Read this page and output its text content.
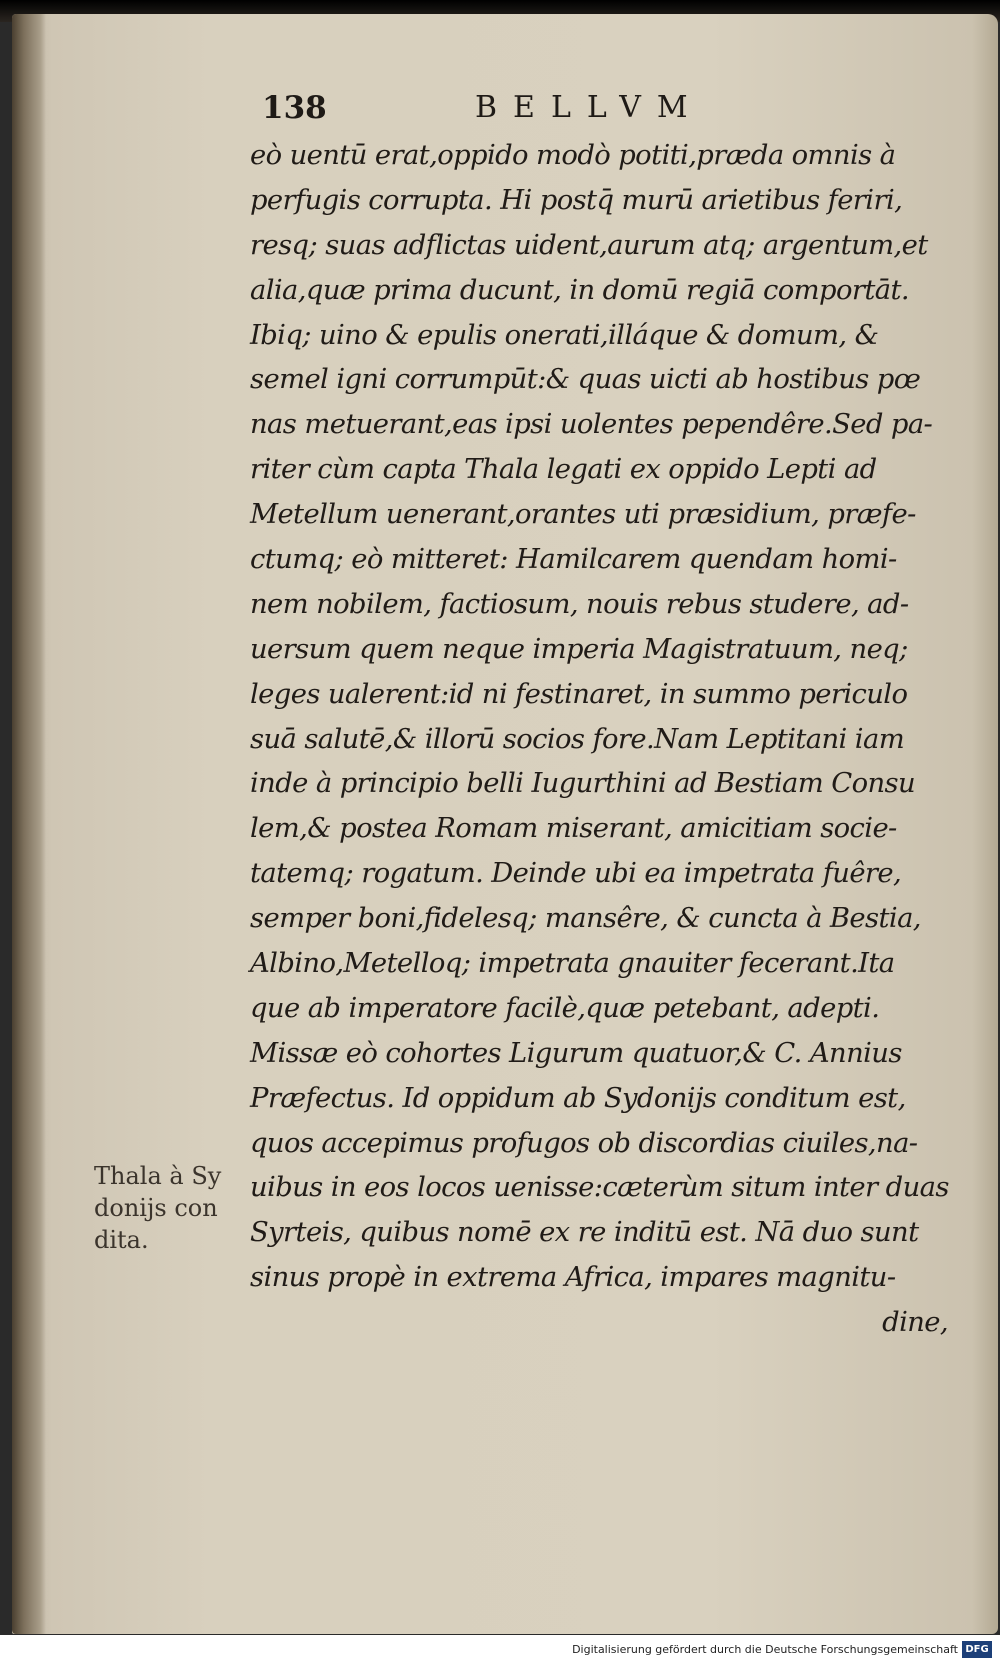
138	BELLVM
eò uentū erat,oppido modò potiti,præda omnis à
perfugis corrupta. Hi postq̄ murū arietibus feriri,
resq; suas adflictas uident,aurum atq; argentum,et
alia,quæ prima ducunt, in domū regiā comportāt.
Ibiq; uino & epulis onerati,illáque & domum, &
semel igni corrumpūt:& quas uicti ab hostibus pœ
nas metuerant,eas ipsi uolentes pependêre.Sed pa-
riter cùm capta Thala legati ex oppido Lepti ad
Metellum uenerant,orantes uti præsidium, præfe-
ctumq; eò mitteret: Hamilcarem quendam homi-
nem nobilem, factiosum, nouis rebus studere, ad-
uersum quem neque imperia Magistratuum, neq;
leges ualerent:id ni festinaret, in summo periculo
suā salutē,& illorū socios fore.Nam Leptitani iam
inde à principio belli Iugurthini ad Bestiam Consu
lem,& postea Romam miserant, amicitiam socie-
tatemq; rogatum. Deinde ubi ea impetrata fuêre,
semper boni,fidelesq; mansêre, & cuncta à Bestia,
Albino,Metelloq; impetrata gnauiter fecerant.Ita
que ab imperatore facilè,quæ petebant, adepti.
Missæ eò cohortes Ligurum quatuor,& C. Annius
Præfectus. Id oppidum ab Sydonijs conditum est,
quos accepimus profugos ob discordias ciuiles,na-
uibus in eos locos uenisse:cæterùm situm inter duas
Syrteis, quibus nomē ex re inditū est. Nā duo sunt
sinus propè in extrema Africa, impares magnitu-
dine,
Thala à Sy
donijs con
dita.
Digitalisierung gefördert durch die Deutsche Forschungsgemeinschaft DFG
